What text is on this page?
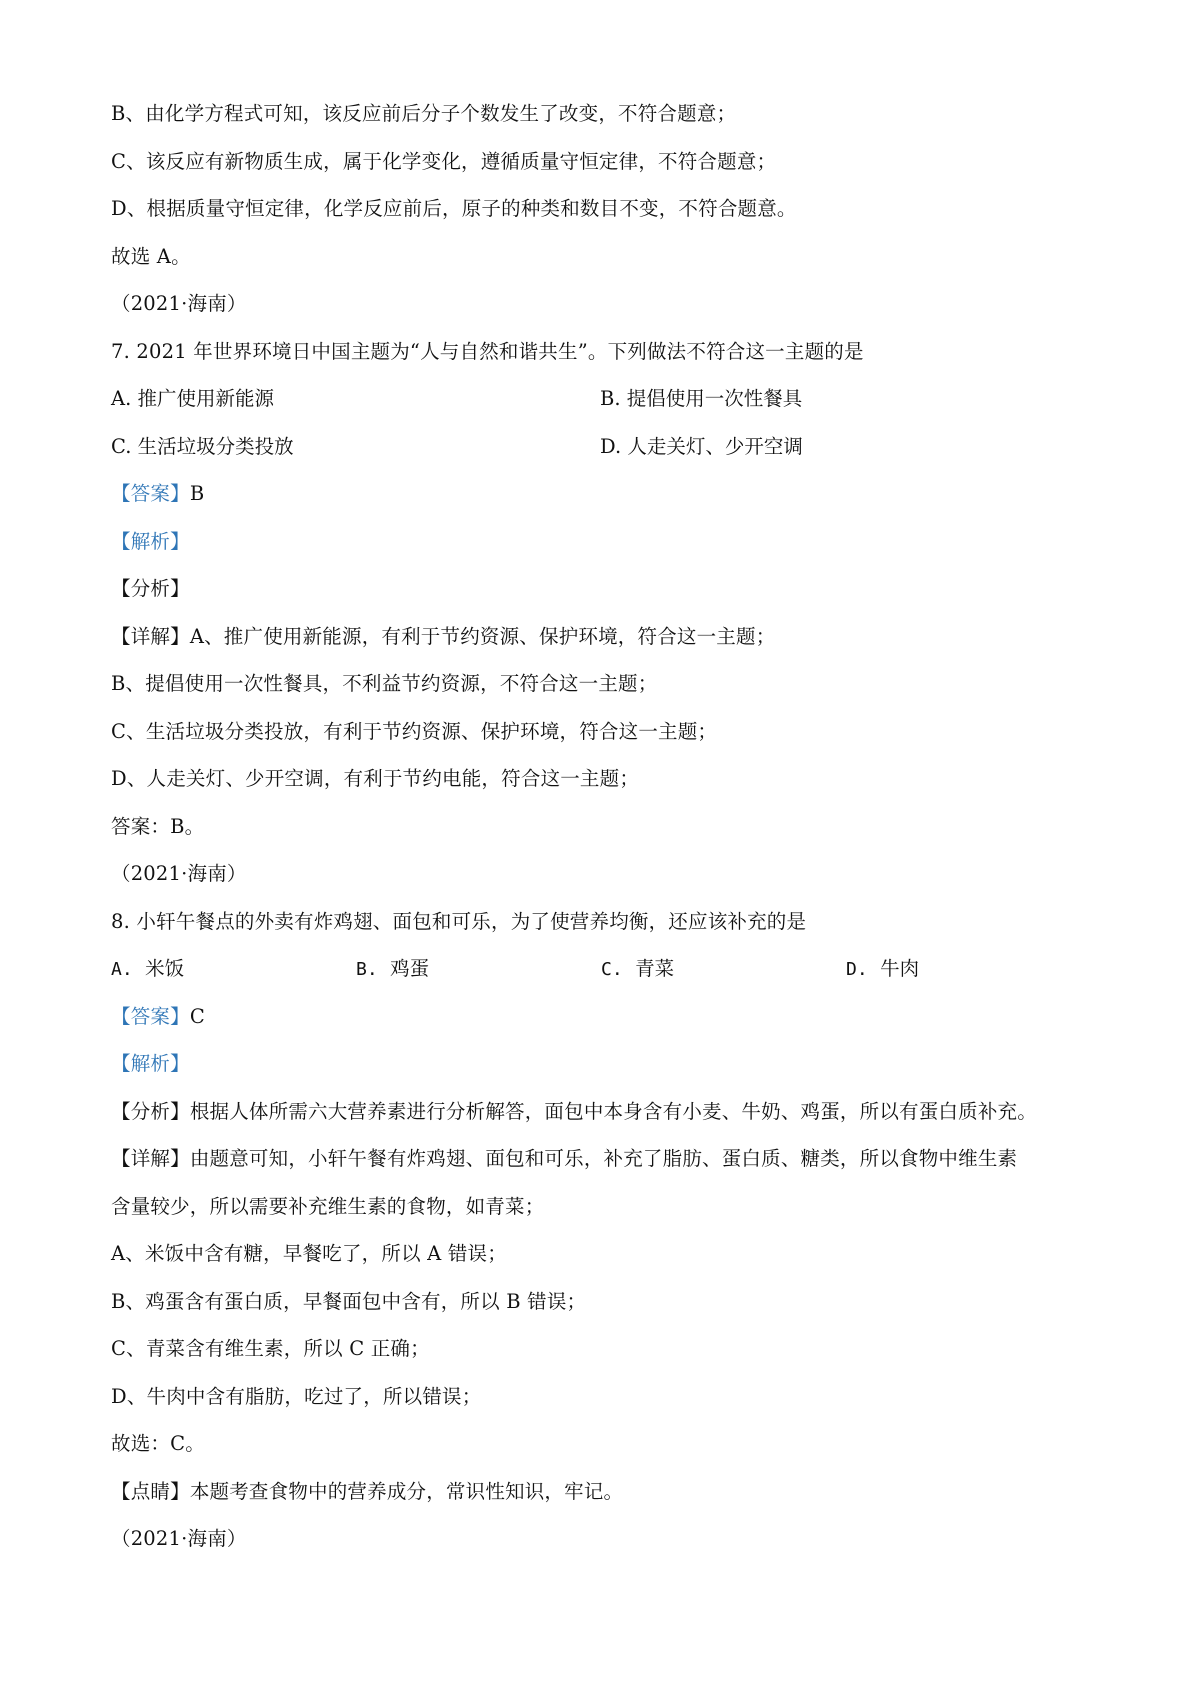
B、由化学方程式可知，该反应前后分子个数发生了改变，不符合题意；
C、该反应有新物质生成，属于化学变化，遵循质量守恒定律，不符合题意；
D、根据质量守恒定律，化学反应前后，原子的种类和数目不变，不符合题意。
故选 A。
（2021·海南）
7. 2021 年世界环境日中国主题为“人与自然和谐共生”。下列做法不符合这一主题的是
A. 推广使用新能源	B. 提倡使用一次性餐具
C. 生活垃圾分类投放	D. 人走关灯、少开空调
【答案】B
【解析】
【分析】
【详解】A、推广使用新能源，有利于节约资源、保护环境，符合这一主题；
B、提倡使用一次性餐具，不利益节约资源，不符合这一主题；
C、生活垃圾分类投放，有利于节约资源、保护环境，符合这一主题；
D、人走关灯、少开空调，有利于节约电能，符合这一主题；
答案：B。
（2021·海南）
8. 小轩午餐点的外卖有炸鸡翅、面包和可乐，为了使营养均衡，还应该补充的是
A. 米饭	B. 鸡蛋	C. 青菜	D. 牛肉
【答案】C
【解析】
【分析】根据人体所需六大营养素进行分析解答，面包中本身含有小麦、牛奶、鸡蛋，所以有蛋白质补充。
【详解】由题意可知，小轩午餐有炸鸡翅、面包和可乐，补充了脂肪、蛋白质、糖类，所以食物中维生素
含量较少，所以需要补充维生素的食物，如青菜；
A、米饭中含有糖，早餐吃了，所以 A 错误；
B、鸡蛋含有蛋白质，早餐面包中含有，所以 B 错误；
C、青菜含有维生素，所以 C 正确；
D、牛肉中含有脂肪，吃过了，所以错误；
故选：C。
【点睛】本题考查食物中的营养成分，常识性知识，牢记。
（2021·海南）
